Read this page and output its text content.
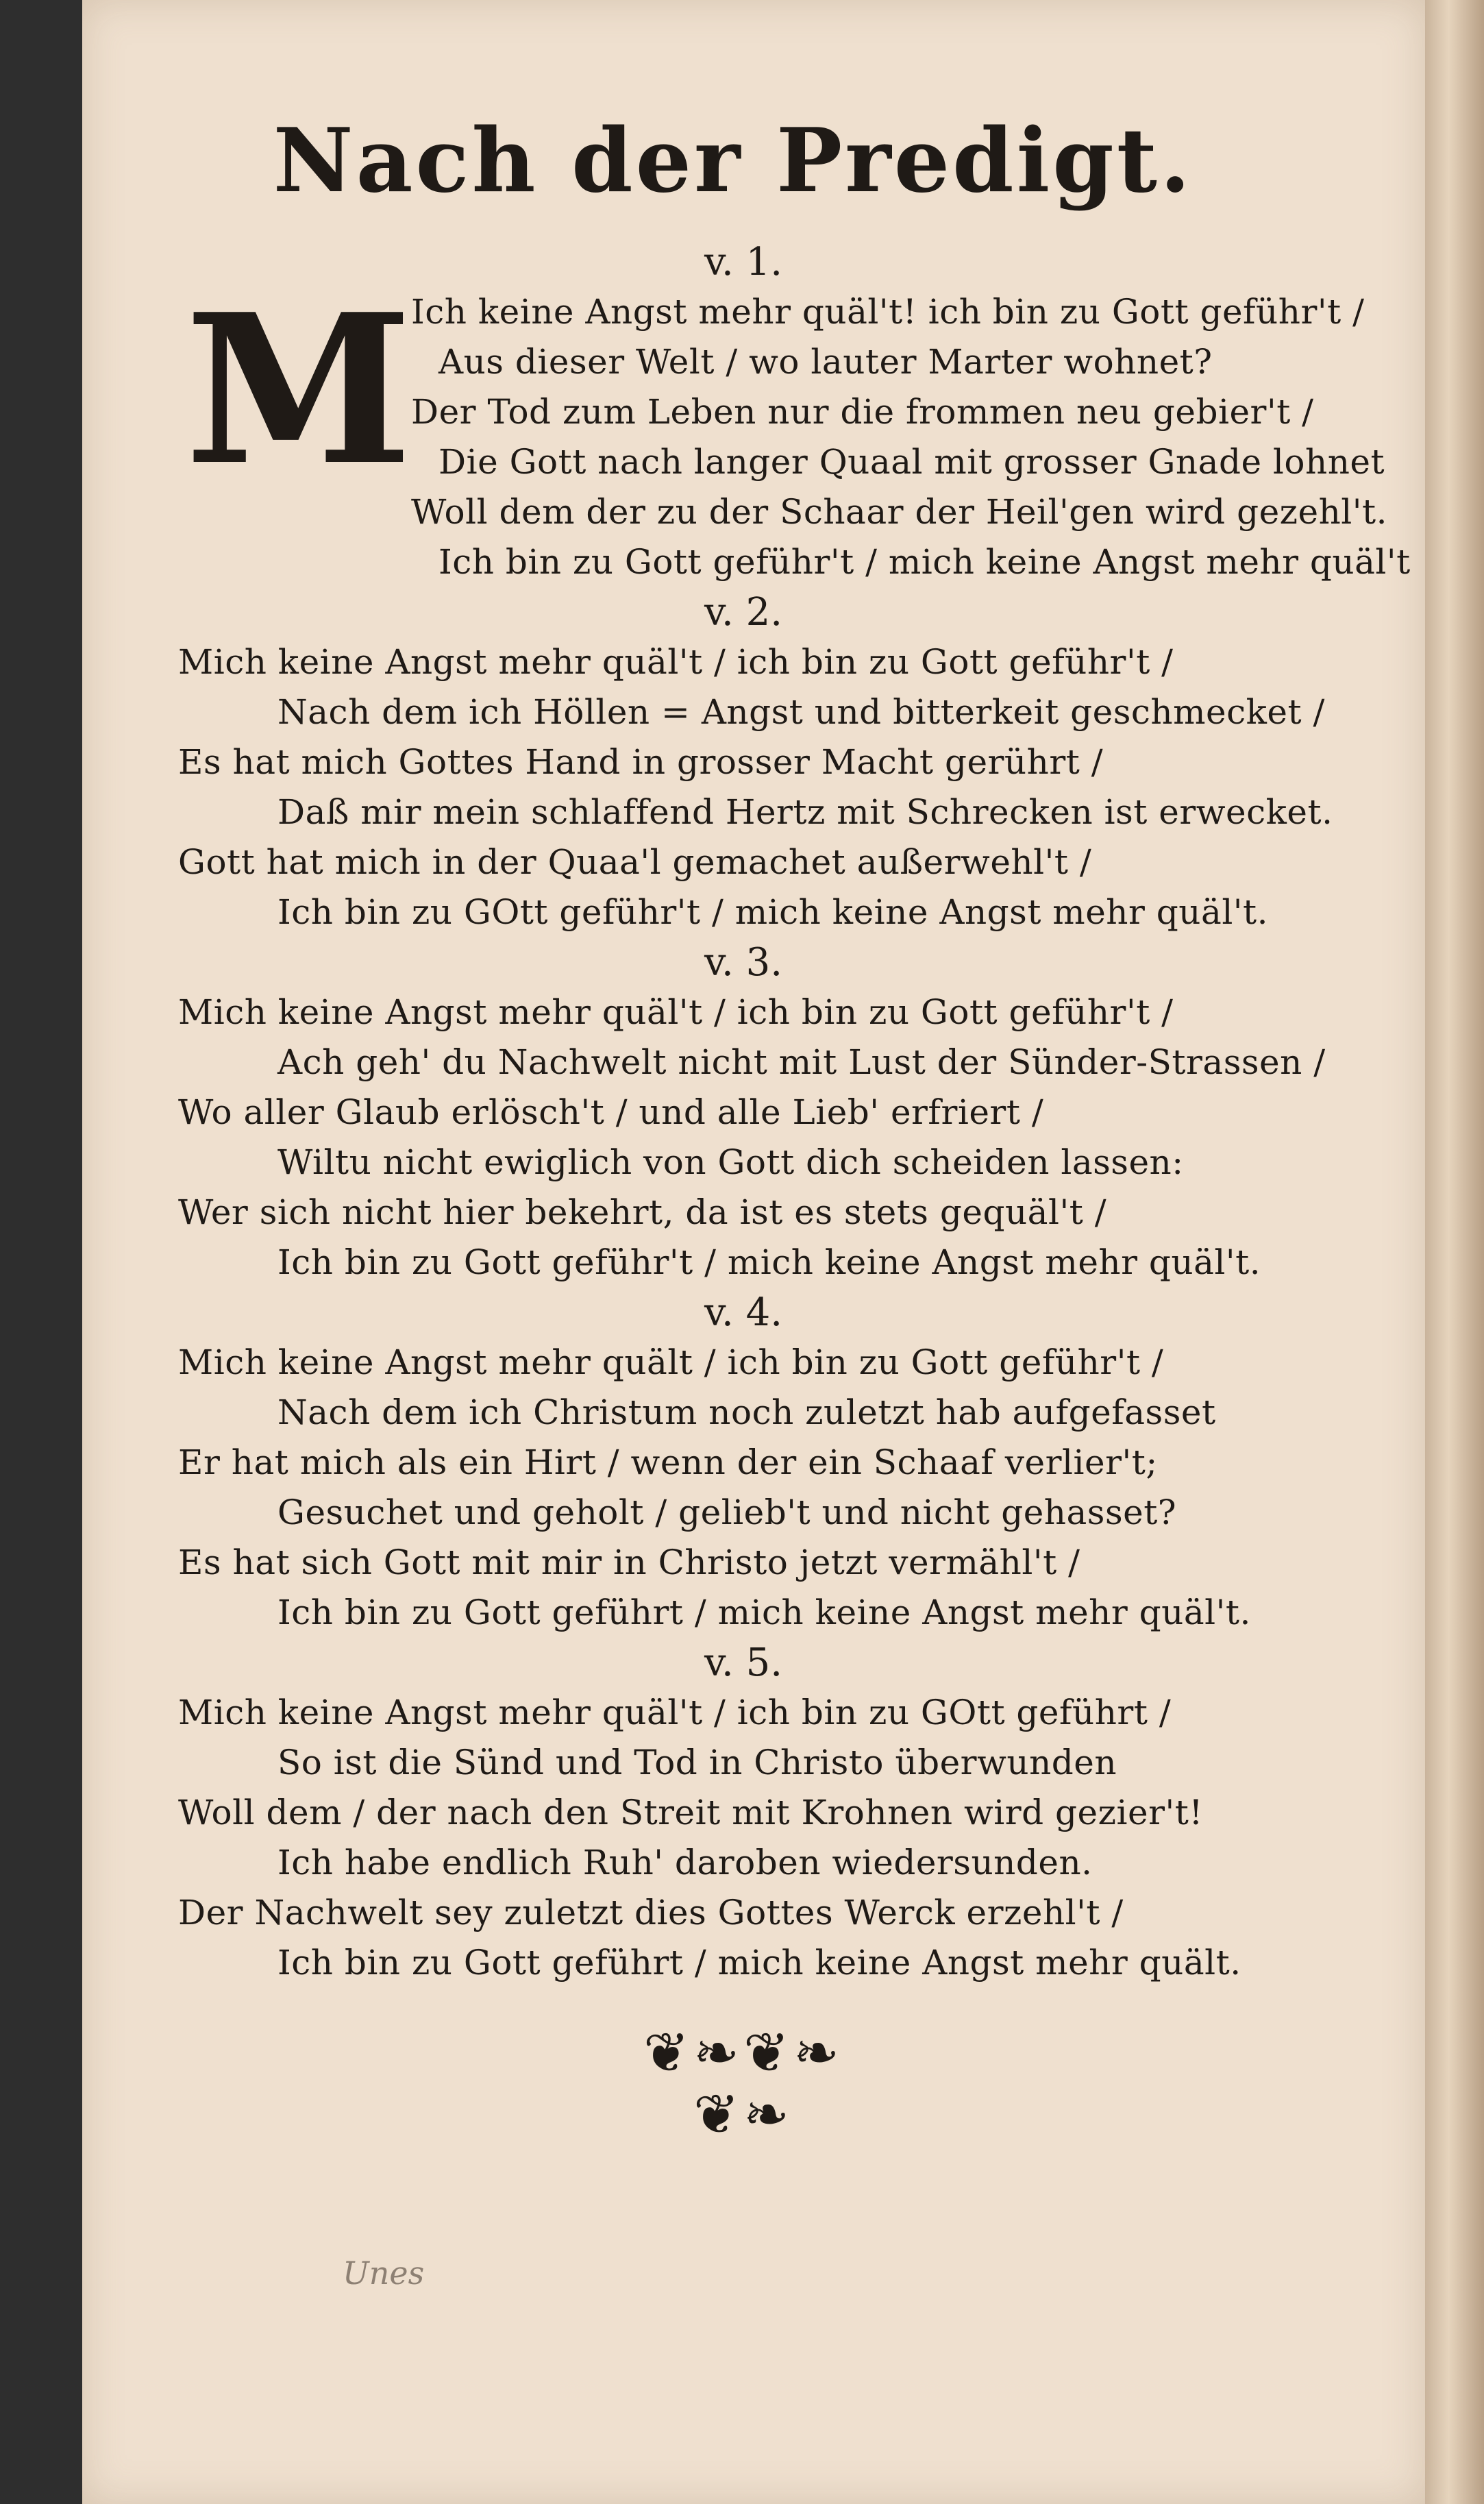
Nach der Predigt.
v. 1.
M
Ich keine Angst mehr quäl't! ich bin zu Gott geführ't /
Aus dieser Welt / wo lauter Marter wohnet?
Der Tod zum Leben nur die frommen neu gebier't /
Die Gott nach langer Quaal mit grosser Gnade lohnet
Woll dem der zu der Schaar der Heil'gen wird gezehl't.
Ich bin zu Gott geführ't / mich keine Angst mehr quäl't
v. 2.
Mich keine Angst mehr quäl't / ich bin zu Gott geführ't /
Nach dem ich Höllen = Angst und bitterkeit geschmecket /
Es hat mich Gottes Hand in grosser Macht gerührt /
Daß mir mein schlaffend Hertz mit Schrecken ist erwecket.
Gott hat mich in der Quaa'l gemachet außerwehl't /
Ich bin zu GOtt geführ't / mich keine Angst mehr quäl't.
v. 3.
Mich keine Angst mehr quäl't / ich bin zu Gott geführ't /
Ach geh' du Nachwelt nicht mit Lust der Sünder-Strassen /
Wo aller Glaub erlösch't / und alle Lieb' erfriert /
Wiltu nicht ewiglich von Gott dich scheiden lassen:
Wer sich nicht hier bekehrt, da ist es stets gequäl't /
Ich bin zu Gott geführ't / mich keine Angst mehr quäl't.
v. 4.
Mich keine Angst mehr quält / ich bin zu Gott geführ't /
Nach dem ich Christum noch zuletzt hab aufgefasset
Er hat mich als ein Hirt / wenn der ein Schaaf verlier't;
Gesuchet und geholt / gelieb't und nicht gehasset?
Es hat sich Gott mit mir in Christo jetzt vermähl't /
Ich bin zu Gott geführt / mich keine Angst mehr quäl't.
v. 5.
Mich keine Angst mehr quäl't / ich bin zu GOtt geführt /
So ist die Sünd und Tod in Christo überwunden
Woll dem / der nach den Streit mit Krohnen wird gezier't!
Ich habe endlich Ruh' daroben wiedersunden.
Der Nachwelt sey zuletzt dies Gottes Werck erzehl't /
Ich bin zu Gott geführt / mich keine Angst mehr quält.
❦❧❦❧
❦❧
Unes
